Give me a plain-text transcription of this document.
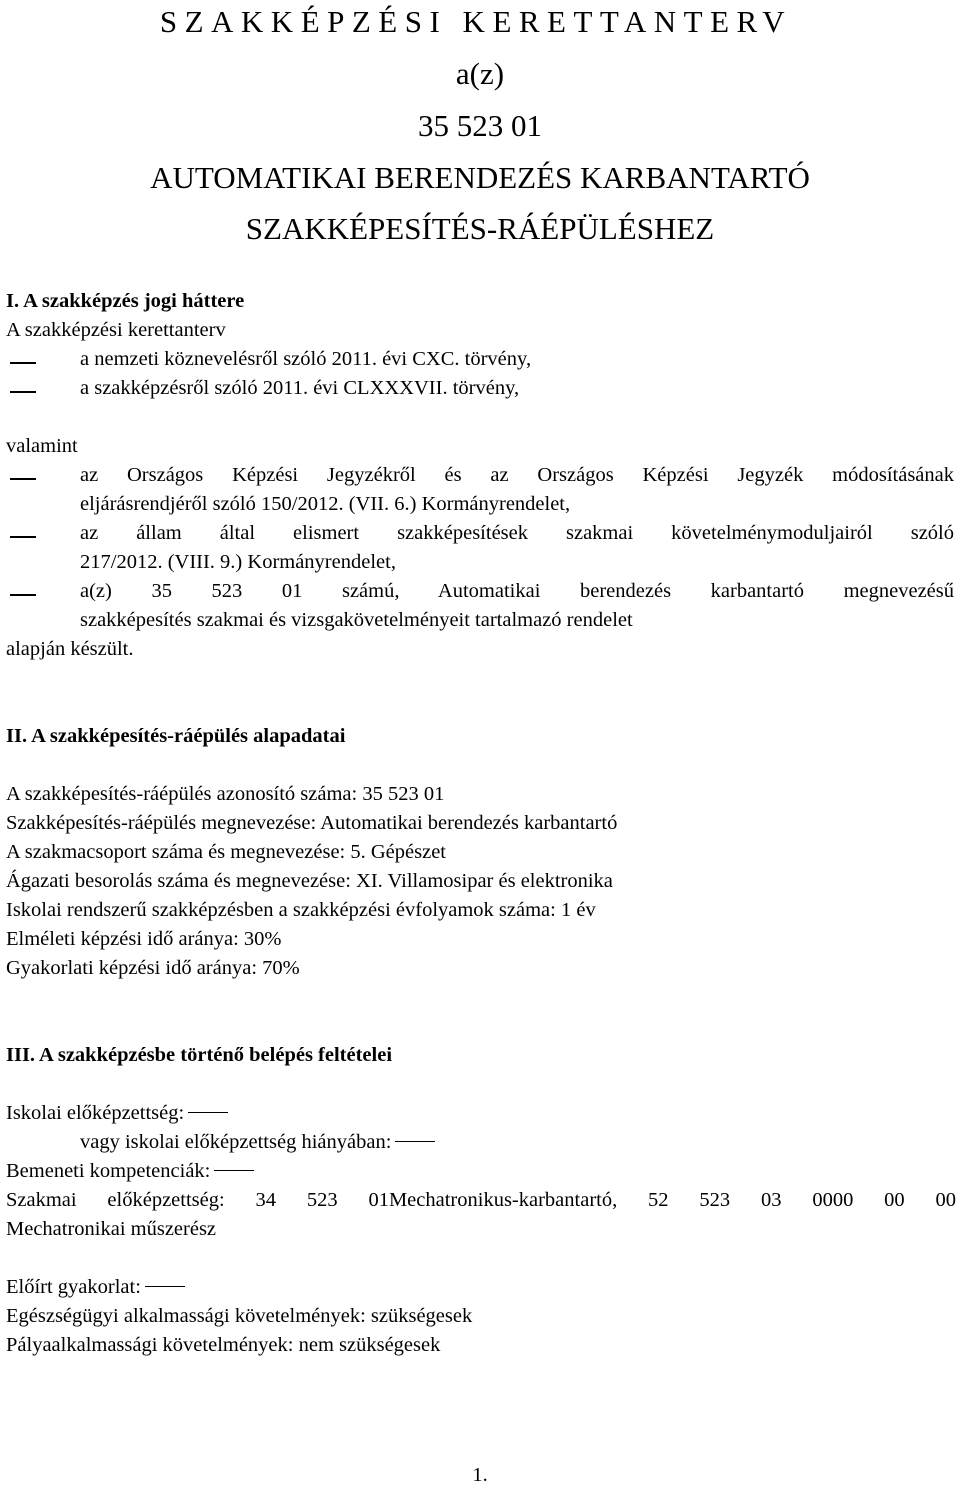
SZAKKÉPZÉSI KERETTANTERV
a(z)
35 523 01
AUTOMATIKAI BERENDEZÉS KARBANTARTÓ
SZAKKÉPESÍTÉS-RÁÉPÜLÉSHEZ
I. A szakképzés jogi háttere
A szakképzési kerettanterv
a nemzeti köznevelésről szóló 2011. évi CXC. törvény,
a szakképzésről szóló 2011. évi CLXXXVII. törvény,
valamint
az Országos Képzési Jegyzékről és az Országos Képzési Jegyzék módosításának
eljárásrendjéről szóló 150/2012. (VII. 6.) Kormányrendelet,
az állam által elismert szakképesítések szakmai követelménymoduljairól szóló
217/2012. (VIII. 9.) Kormányrendelet,
a(z) 35 523 01 számú, Automatikai berendezés karbantartó megnevezésű
szakképesítés szakmai és vizsgakövetelményeit tartalmazó rendelet
alapján készült.
II. A szakképesítés-ráépülés alapadatai
A szakképesítés-ráépülés azonosító száma: 35 523 01
Szakképesítés-ráépülés megnevezése: Automatikai berendezés karbantartó
A szakmacsoport száma és megnevezése: 5. Gépészet
Ágazati besorolás száma és megnevezése: XI. Villamosipar és elektronika
Iskolai rendszerű szakképzésben a szakképzési évfolyamok száma: 1 év
Elméleti képzési idő aránya: 30%
Gyakorlati képzési idő aránya: 70%
III. A szakképzésbe történő belépés feltételei
Iskolai előképzettség:
vagy iskolai előképzettség hiányában:
Bemeneti kompetenciák:
Szakmai előképzettség: 34 523 01Mechatronikus-karbantartó, 52 523 03 0000 00 00
Mechatronikai műszerész
Előírt gyakorlat:
Egészségügyi alkalmassági követelmények: szükségesek
Pályaalkalmassági követelmények: nem szükségesek
1.
